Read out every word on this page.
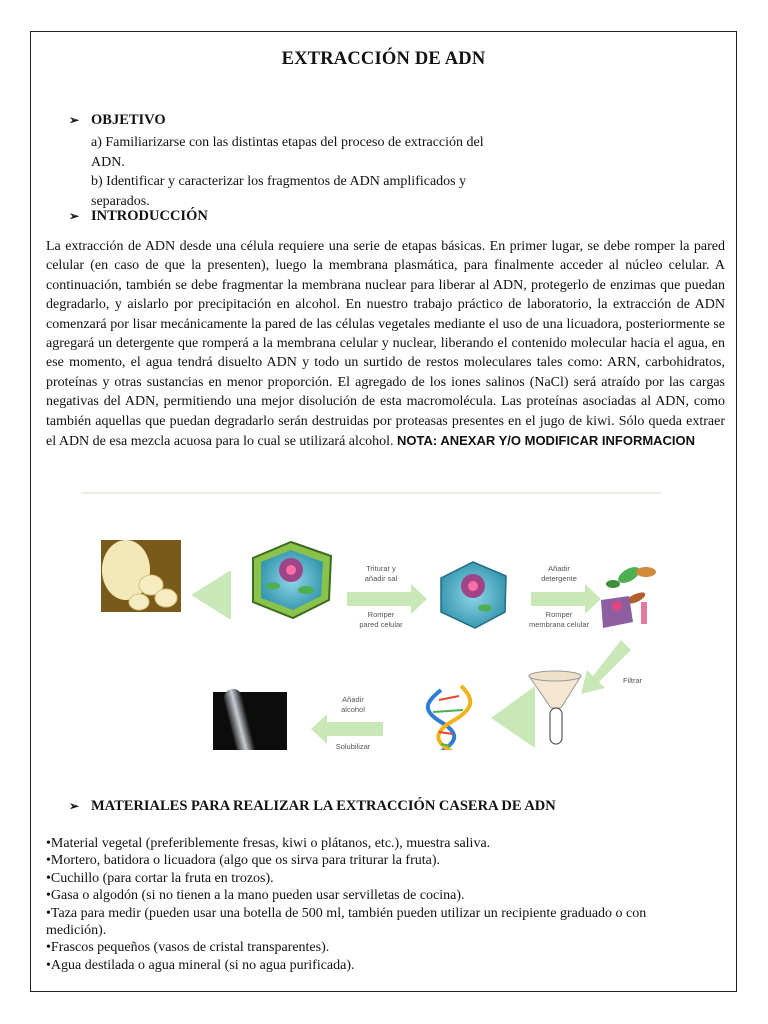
EXTRACCIÓN DE ADN
➢ OBJETIVO
a) Familiarizarse con las distintas etapas del proceso de extracción del
ADN.
b) Identificar y caracterizar los fragmentos de ADN amplificados y
separados.
➢ INTRODUCCIÓN
La extracción de ADN desde una célula requiere una serie de etapas básicas. En primer lugar, se debe romper la pared celular (en caso de que la presenten), luego la membrana plasmática, para finalmente acceder al núcleo celular. A continuación, también se debe fragmentar la membrana nuclear para liberar al ADN, protegerlo de enzimas que puedan degradarlo, y aislarlo por precipitación en alcohol. En nuestro trabajo práctico de laboratorio, la extracción de ADN comenzará por lisar mecánicamente la pared de las células vegetales mediante el uso de una licuadora, posteriormente se agregará un detergente que romperá a la membrana celular y nuclear, liberando el contenido molecular hacia el agua, en ese momento, el agua tendrá disuelto ADN y todo un surtido de restos moleculares tales como: ARN, carbohidratos, proteínas y otras sustancias en menor proporción. El agregado de los iones salinos (NaCl) será atraído por las cargas negativas del ADN, permitiendo una mejor disolución de esta macromolécula. Las proteínas asociadas al ADN, como también aquellas que puedan degradarlo serán destruidas por proteasas presentes en el jugo de kiwi. Sólo queda extraer el ADN de esa mezcla acuosa para lo cual se utilizará alcohol. NOTA: ANEXAR Y/O MODIFICAR INFORMACION
Triturar y
añadir sal
Romper
pared celular
Añadir
detergente
Romper
membrana celular
Filtrar
Añadir
alcohol
Solubilizar
➢ MATERIALES PARA REALIZAR LA EXTRACCIÓN CASERA DE ADN
•Material vegetal (preferiblemente fresas, kiwi o plátanos, etc.), muestra saliva.
•Mortero, batidora o licuadora (algo que os sirva para triturar la fruta).
•Cuchillo (para cortar la fruta en trozos).
•Gasa o algodón (si no tienen a la mano pueden usar servilletas de cocina).
•Taza para medir (pueden usar una botella de 500 ml, también pueden utilizar un recipiente graduado o con
medición).
•Frascos pequeños (vasos de cristal transparentes).
•Agua destilada o agua mineral (si no agua purificada).
